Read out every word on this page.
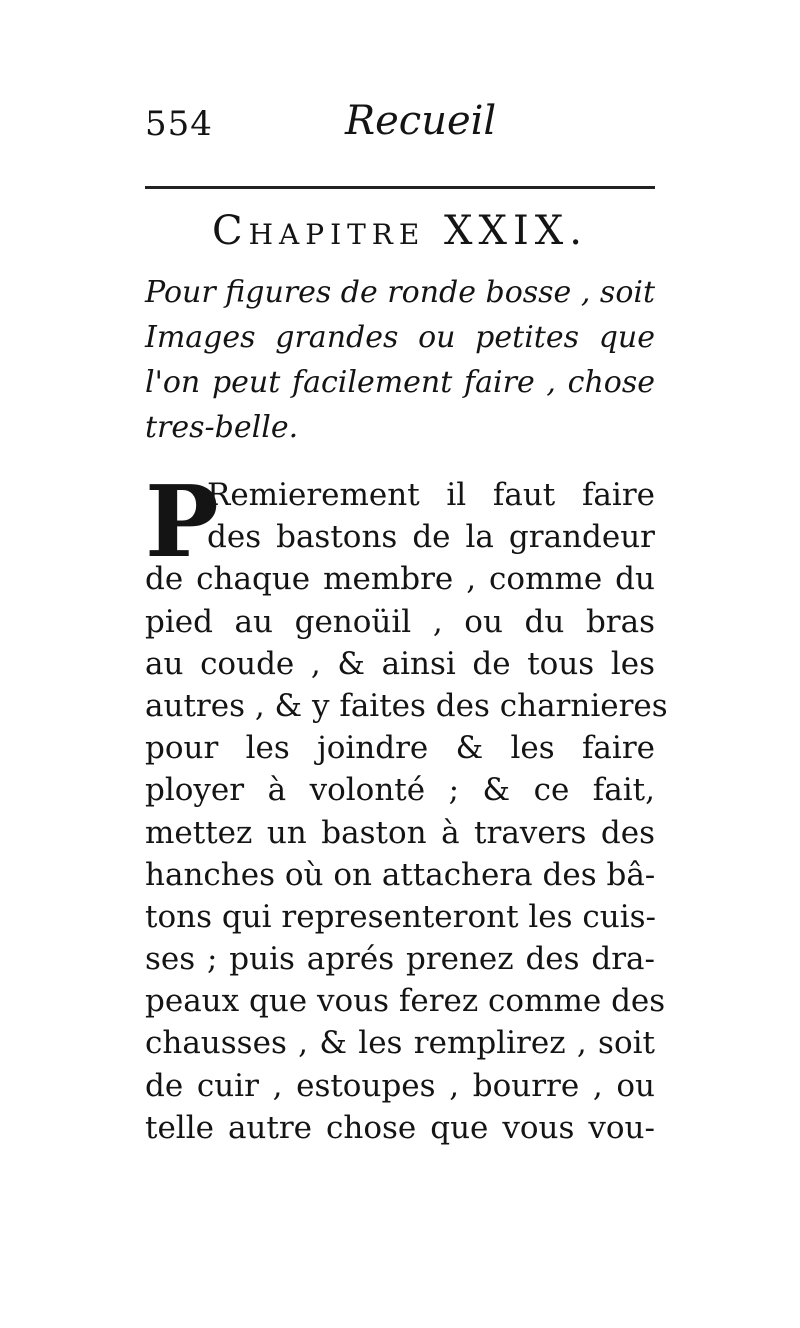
554	Recueil
Chapitre XXIX.

Pour figures de ronde bosse , soit
Images grandes ou petites que
l'on peut facilement faire , chose
tres-belle.

P
Remierement il faut faire
des bastons de la grandeur
de chaque membre , comme du
pied au genoüil , ou du bras
au coude , & ainsi de tous les
autres , & y faites des charnieres
pour les joindre & les faire
ployer à volonté ; & ce fait,
mettez un baston à travers des
hanches où on attachera des bâ-
tons qui representeront les cuis-
ses ; puis aprés prenez des dra-
peaux que vous ferez comme des
chausses , & les remplirez , soit
de cuir , estoupes , bourre , ou
telle autre chose que vous vou-
